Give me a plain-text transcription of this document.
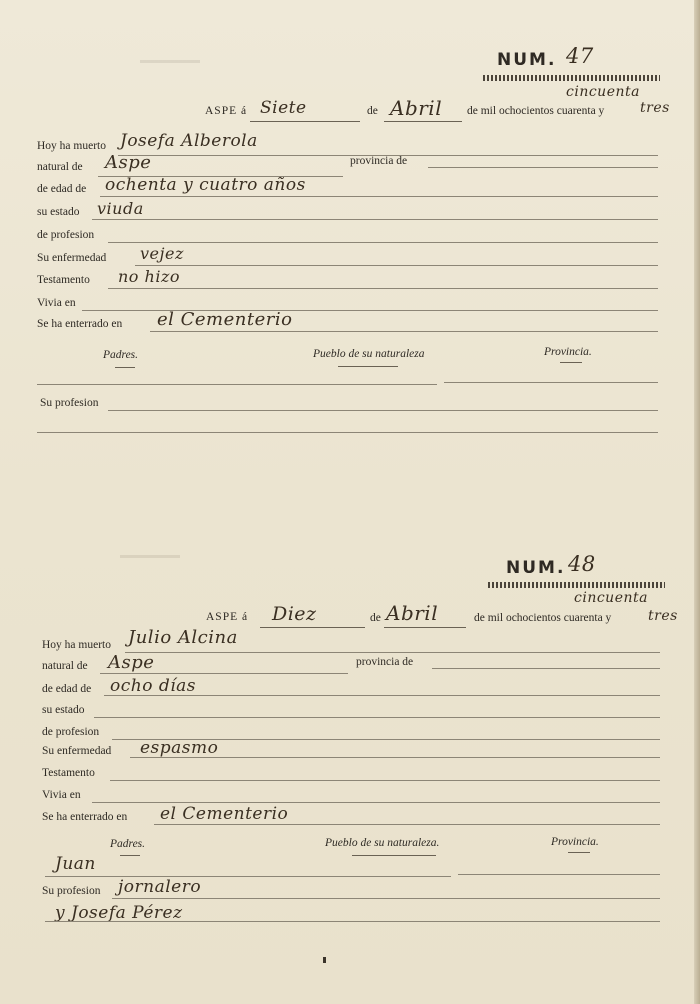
NUM. 47
cincuenta
ASPE á Siete	de Abril de mil ochocientos cuarenta y	tres
Hoy ha muerto Josefa Alberola
natural de Aspe	provincia de
de edad de ochenta y cuatro años
su estado viuda
de profesion
Su enfermedad vejez
Testamento no hizo
Vivia en
Se ha enterrado en el Cementerio
Padres.	Pueblo de su naturaleza	Provincia.
Su profesion
NUM. 48
cincuenta
ASPE á Diez	de Abril	de mil ochocientos cuarenta y	tres
Hoy ha muerto Julio Alcina
natural de Aspe	provincia de
de edad de ocho días
su estado
de profesion
Su enfermedad espasmo
Testamento
Vivia en
Se ha enterrado en el Cementerio
Padres.	Pueblo de su naturaleza.	Provincia.
Juan
Su profesion jornalero
y Josefa Pérez
